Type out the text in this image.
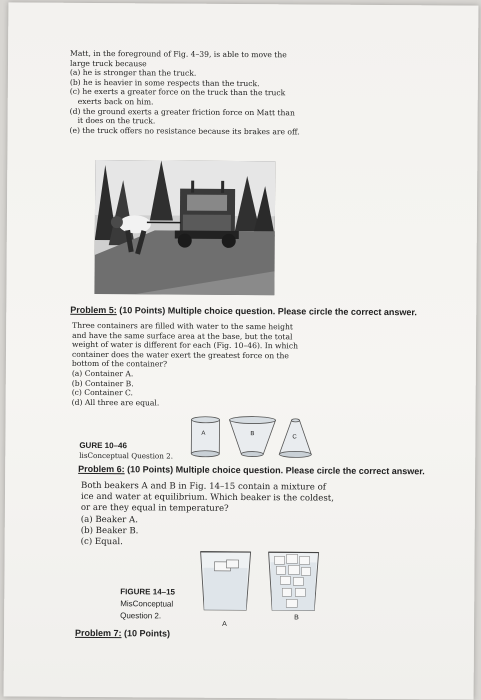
Matt, in the foreground of Fig. 4–39, is able to move the
large truck because
(a) he is stronger than the truck.
(b) he is heavier in some respects than the truck.
(c) he exerts a greater force on the truck than the truck
exerts back on him.
(d) the ground exerts a greater friction force on Matt than
it does on the truck.
(e) the truck offers no resistance because its brakes are off.
Problem 5: (10 Points) Multiple choice question. Please circle the correct answer.
Three containers are filled with water to the same height
and have the same surface area at the base, but the total
weight of water is different for each (Fig. 10–46). In which
container does the water exert the greatest force on the
bottom of the container?
(a) Container A.
(b) Container B.
(c) Container C.
(d) All three are equal.
A	B
C
GURE 10–46
lisConceptual Question 2.
Problem 6: (10 Points) Multiple choice question. Please circle the correct answer.
Both beakers A and B in Fig. 14–15 contain a mixture of
ice and water at equilibrium. Which beaker is the coldest,
or are they equal in temperature?
(a) Beaker A.
(b) Beaker B.
(c) Equal.
A
B
FIGURE 14–15
MisConceptual
Question 2.
Problem 7: (10 Points)
